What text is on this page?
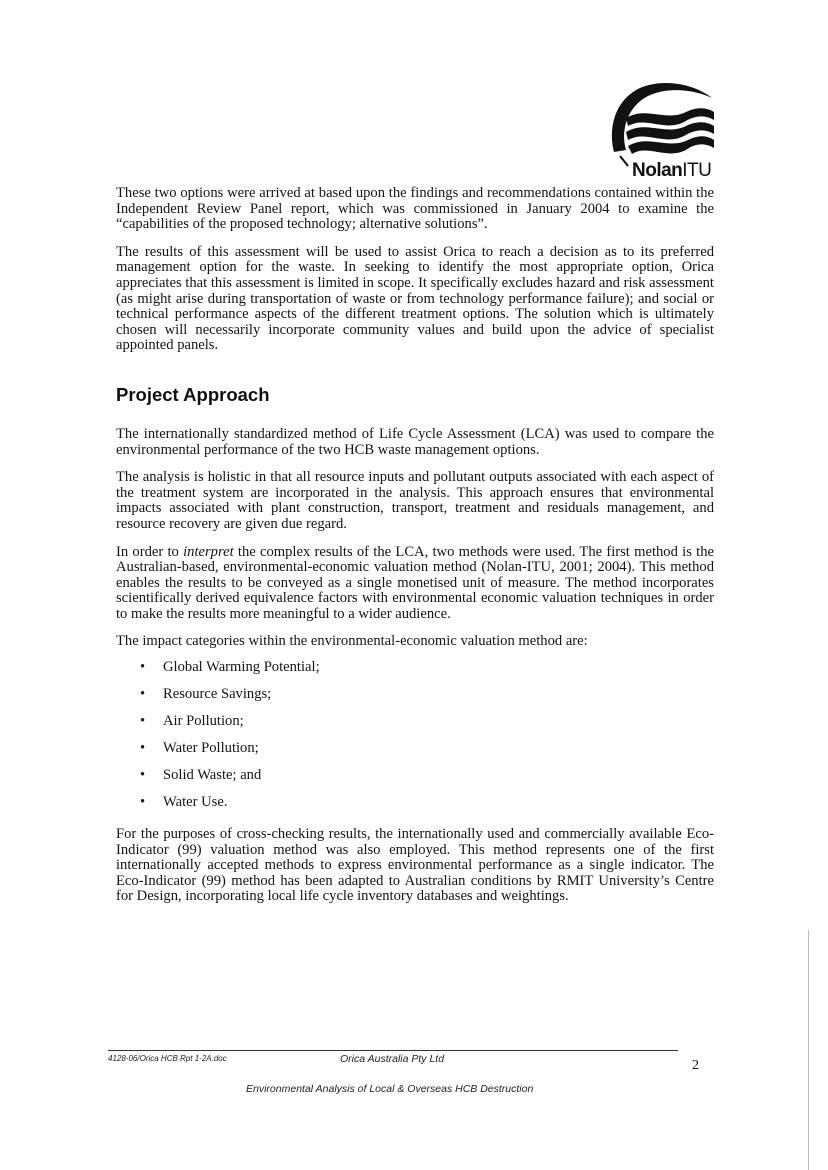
NolanITU

These two options were arrived at based upon the findings and recommendations contained within the Independent Review Panel report, which was commissioned in January 2004 to examine the “capabilities of the proposed technology; alternative solutions”.

The results of this assessment will be used to assist Orica to reach a decision as to its preferred management option for the waste. In seeking to identify the most appropriate option, Orica appreciates that this assessment is limited in scope. It specifically excludes hazard and risk assessment (as might arise during transportation of waste or from technology performance failure); and social or technical performance aspects of the different treatment options. The solution which is ultimately chosen will necessarily incorporate community values and build upon the advice of specialist appointed panels.

Project Approach

The internationally standardized method of Life Cycle Assessment (LCA) was used to compare the environmental performance of the two HCB waste management options.

The analysis is holistic in that all resource inputs and pollutant outputs associated with each aspect of the treatment system are incorporated in the analysis. This approach ensures that environmental impacts associated with plant construction, transport, treatment and residuals management, and resource recovery are given due regard.

In order to interpret the complex results of the LCA, two methods were used. The first method is the Australian-based, environmental-economic valuation method (Nolan-ITU, 2001; 2004). This method enables the results to be conveyed as a single monetised unit of measure. The method incorporates scientifically derived equivalence factors with environmental economic valuation techniques in order to make the results more meaningful to a wider audience.

The impact categories within the environmental-economic valuation method are:

• Global Warming Potential;
• Resource Savings;
• Air Pollution;
• Water Pollution;
• Solid Waste; and
• Water Use.

For the purposes of cross-checking results, the internationally used and commercially available Eco-Indicator (99) valuation method was also employed. This method represents one of the first internationally accepted methods to express environmental performance as a single indicator. The Eco-Indicator (99) method has been adapted to Australian conditions by RMIT University’s Centre for Design, incorporating local life cycle inventory databases and weightings.

4128-06/Orica HCB Rpt 1-2A.doc	Orica Australia Pty Ltd	2
Environmental Analysis of Local & Overseas HCB Destruction
